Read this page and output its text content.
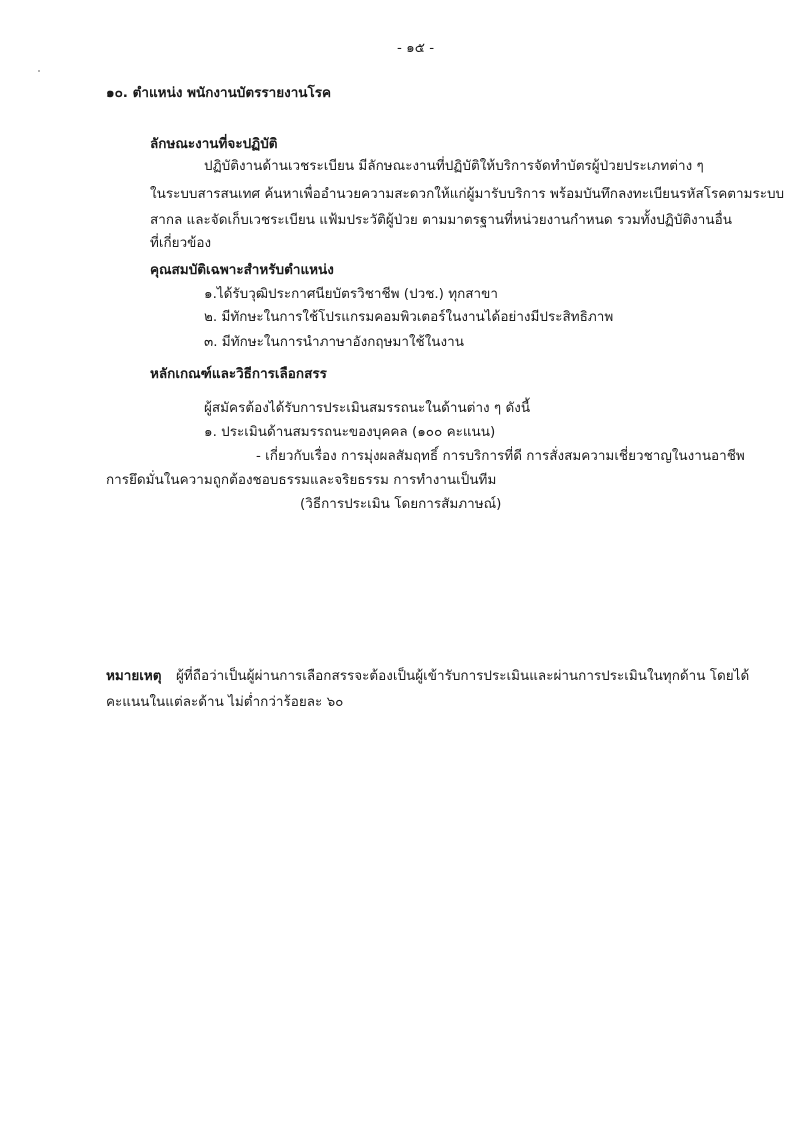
- ๑๕ -
๑๐. ตำแหน่ง พนักงานบัตรรายงานโรค
ลักษณะงานที่จะปฏิบัติ
ปฏิบัติงานด้านเวชระเบียน มีลักษณะงานที่ปฏิบัติให้บริการจัดทำบัตรผู้ป่วยประเภทต่าง ๆ
ในระบบสารสนเทศ ค้นหาเพื่ออำนวยความสะดวกให้แก่ผู้มารับบริการ พร้อมบันทึกลงทะเบียนรหัสโรคตามระบบ
สากล และจัดเก็บเวชระเบียน แฟ้มประวัติผู้ป่วย ตามมาตรฐานที่หน่วยงานกำหนด รวมทั้งปฏิบัติงานอื่น
ที่เกี่ยวข้อง
คุณสมบัติเฉพาะสำหรับตำแหน่ง
๑.ได้รับวุฒิประกาศนียบัตรวิชาชีพ (ปวช.) ทุกสาขา
๒. มีทักษะในการใช้โปรแกรมคอมพิวเตอร์ในงานได้อย่างมีประสิทธิภาพ
๓. มีทักษะในการนำภาษาอังกฤษมาใช้ในงาน
หลักเกณฑ์และวิธีการเลือกสรร
ผู้สมัครต้องได้รับการประเมินสมรรถนะในด้านต่าง ๆ ดังนี้
๑. ประเมินด้านสมรรถนะของบุคคล (๑๐๐ คะแนน)
- เกี่ยวกับเรื่อง การมุ่งผลสัมฤทธิ์ การบริการที่ดี การสั่งสมความเชี่ยวชาญในงานอาชีพ
การยึดมั่นในความถูกต้องชอบธรรมและจริยธรรม การทำงานเป็นทีม
(วิธีการประเมิน โดยการสัมภาษณ์)
หมายเหตุ ผู้ที่ถือว่าเป็นผู้ผ่านการเลือกสรรจะต้องเป็นผู้เข้ารับการประเมินและผ่านการประเมินในทุกด้าน โดยได้
คะแนนในแต่ละด้าน ไม่ต่ำกว่าร้อยละ ๖๐
